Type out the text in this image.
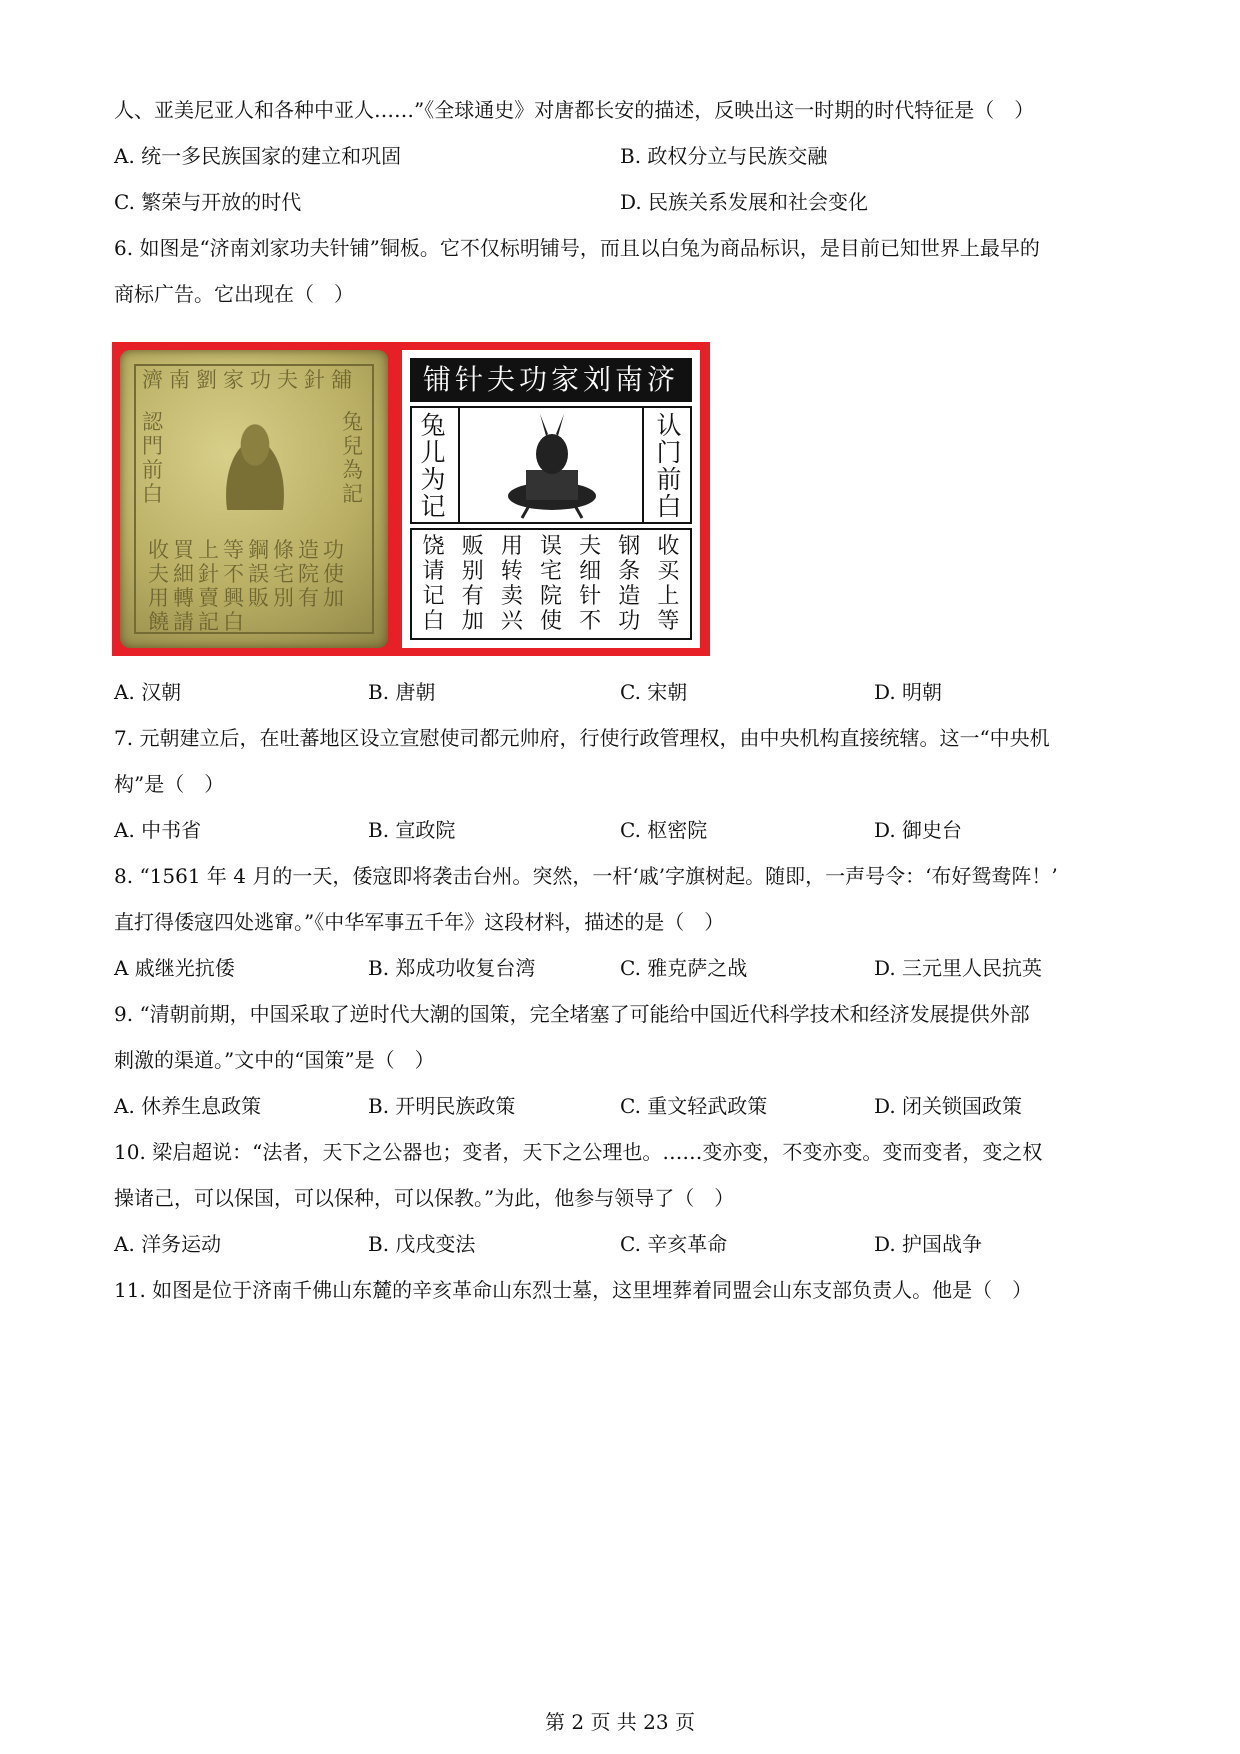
人、亚美尼亚人和各种中亚人……”《全球通史》对唐都长安的描述，反映出这一时期的时代特征是（　）
A. 统一多民族国家的建立和巩固	B. 政权分立与民族交融
C. 繁荣与开放的时代	D. 民族关系发展和社会变化
6. 如图是“济南刘家功夫针铺”铜板。它不仅标明铺号，而且以白兔为商品标识，是目前已知世界上最早的
商标广告。它出现在（　）
濟南劉家功夫針舖
認門前白
兔兒為記
收買上等鋼條造功夫細針不誤宅院使用轉賣興販別有加饒請記白
济南刘家功夫针铺
兔儿为记
认门前白
收买上等
钢条造功
夫细针不
误宅院使
用转卖兴
贩别有加
饶请记白
A. 汉朝	B. 唐朝	C. 宋朝	D. 明朝
7. 元朝建立后，在吐蕃地区设立宣慰使司都元帅府，行使行政管理权，由中央机构直接统辖。这一“中央机
构”是（　）
A. 中书省	B. 宣政院	C. 枢密院	D. 御史台
8. “1561 年 4 月的一天，倭寇即将袭击台州。突然，一杆‘戚’字旗树起。随即，一声号令：‘布好鸳鸯阵！’
直打得倭寇四处逃窜。”《中华军事五千年》这段材料，描述的是（　）
A 戚继光抗倭	B. 郑成功收复台湾	C. 雅克萨之战	D. 三元里人民抗英
9. “清朝前期，中国采取了逆时代大潮的国策，完全堵塞了可能给中国近代科学技术和经济发展提供外部
刺激的渠道。”文中的“国策”是（　）
A. 休养生息政策	B. 开明民族政策	C. 重文轻武政策	D. 闭关锁国政策
10. 梁启超说：“法者，天下之公器也；变者，天下之公理也。……变亦变，不变亦变。变而变者，变之权
操诸己，可以保国，可以保种，可以保教。”为此，他参与领导了（　）
A. 洋务运动	B. 戊戌变法	C. 辛亥革命	D. 护国战争
11. 如图是位于济南千佛山东麓的辛亥革命山东烈士墓，这里埋葬着同盟会山东支部负责人。他是（　）
第 2 页 共 23 页
